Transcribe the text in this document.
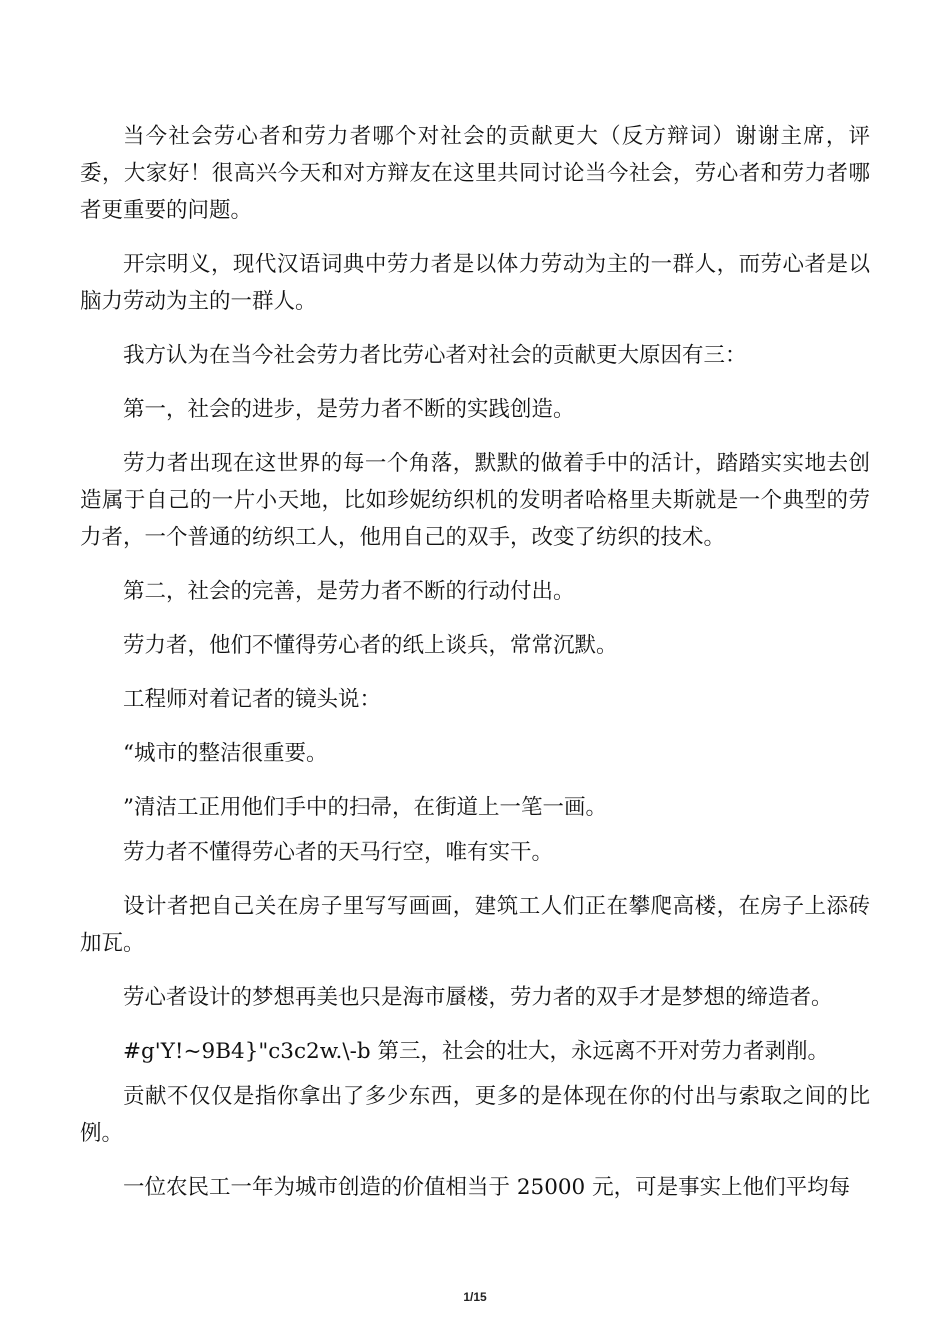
当今社会劳心者和劳力者哪个对社会的贡献更大（反方辩词）谢谢主席，评委，大家好！很高兴今天和对方辩友在这里共同讨论当今社会，劳心者和劳力者哪者更重要的问题。

开宗明义，现代汉语词典中劳力者是以体力劳动为主的一群人，而劳心者是以脑力劳动为主的一群人。

我方认为在当今社会劳力者比劳心者对社会的贡献更大原因有三：

第一，社会的进步，是劳力者不断的实践创造。

劳力者出现在这世界的每一个角落，默默的做着手中的活计，踏踏实实地去创造属于自己的一片小天地，比如珍妮纺织机的发明者哈格里夫斯就是一个典型的劳力者，一个普通的纺织工人，他用自己的双手，改变了纺织的技术。

第二，社会的完善，是劳力者不断的行动付出。

劳力者，他们不懂得劳心者的纸上谈兵，常常沉默。

工程师对着记者的镜头说：

“城市的整洁很重要。

”清洁工正用他们手中的扫帚，在街道上一笔一画。

劳力者不懂得劳心者的天马行空，唯有实干。

设计者把自己关在房子里写写画画，建筑工人们正在攀爬高楼，在房子上添砖加瓦。

劳心者设计的梦想再美也只是海市蜃楼，劳力者的双手才是梦想的缔造者。

#g'Y!~9B4}"c3c2w.\-b 第三，社会的壮大，永远离不开对劳力者剥削。

贡献不仅仅是指你拿出了多少东西，更多的是体现在你的付出与索取之间的比例。

一位农民工一年为城市创造的价值相当于 25000 元，可是事实上他们平均每

1/15
